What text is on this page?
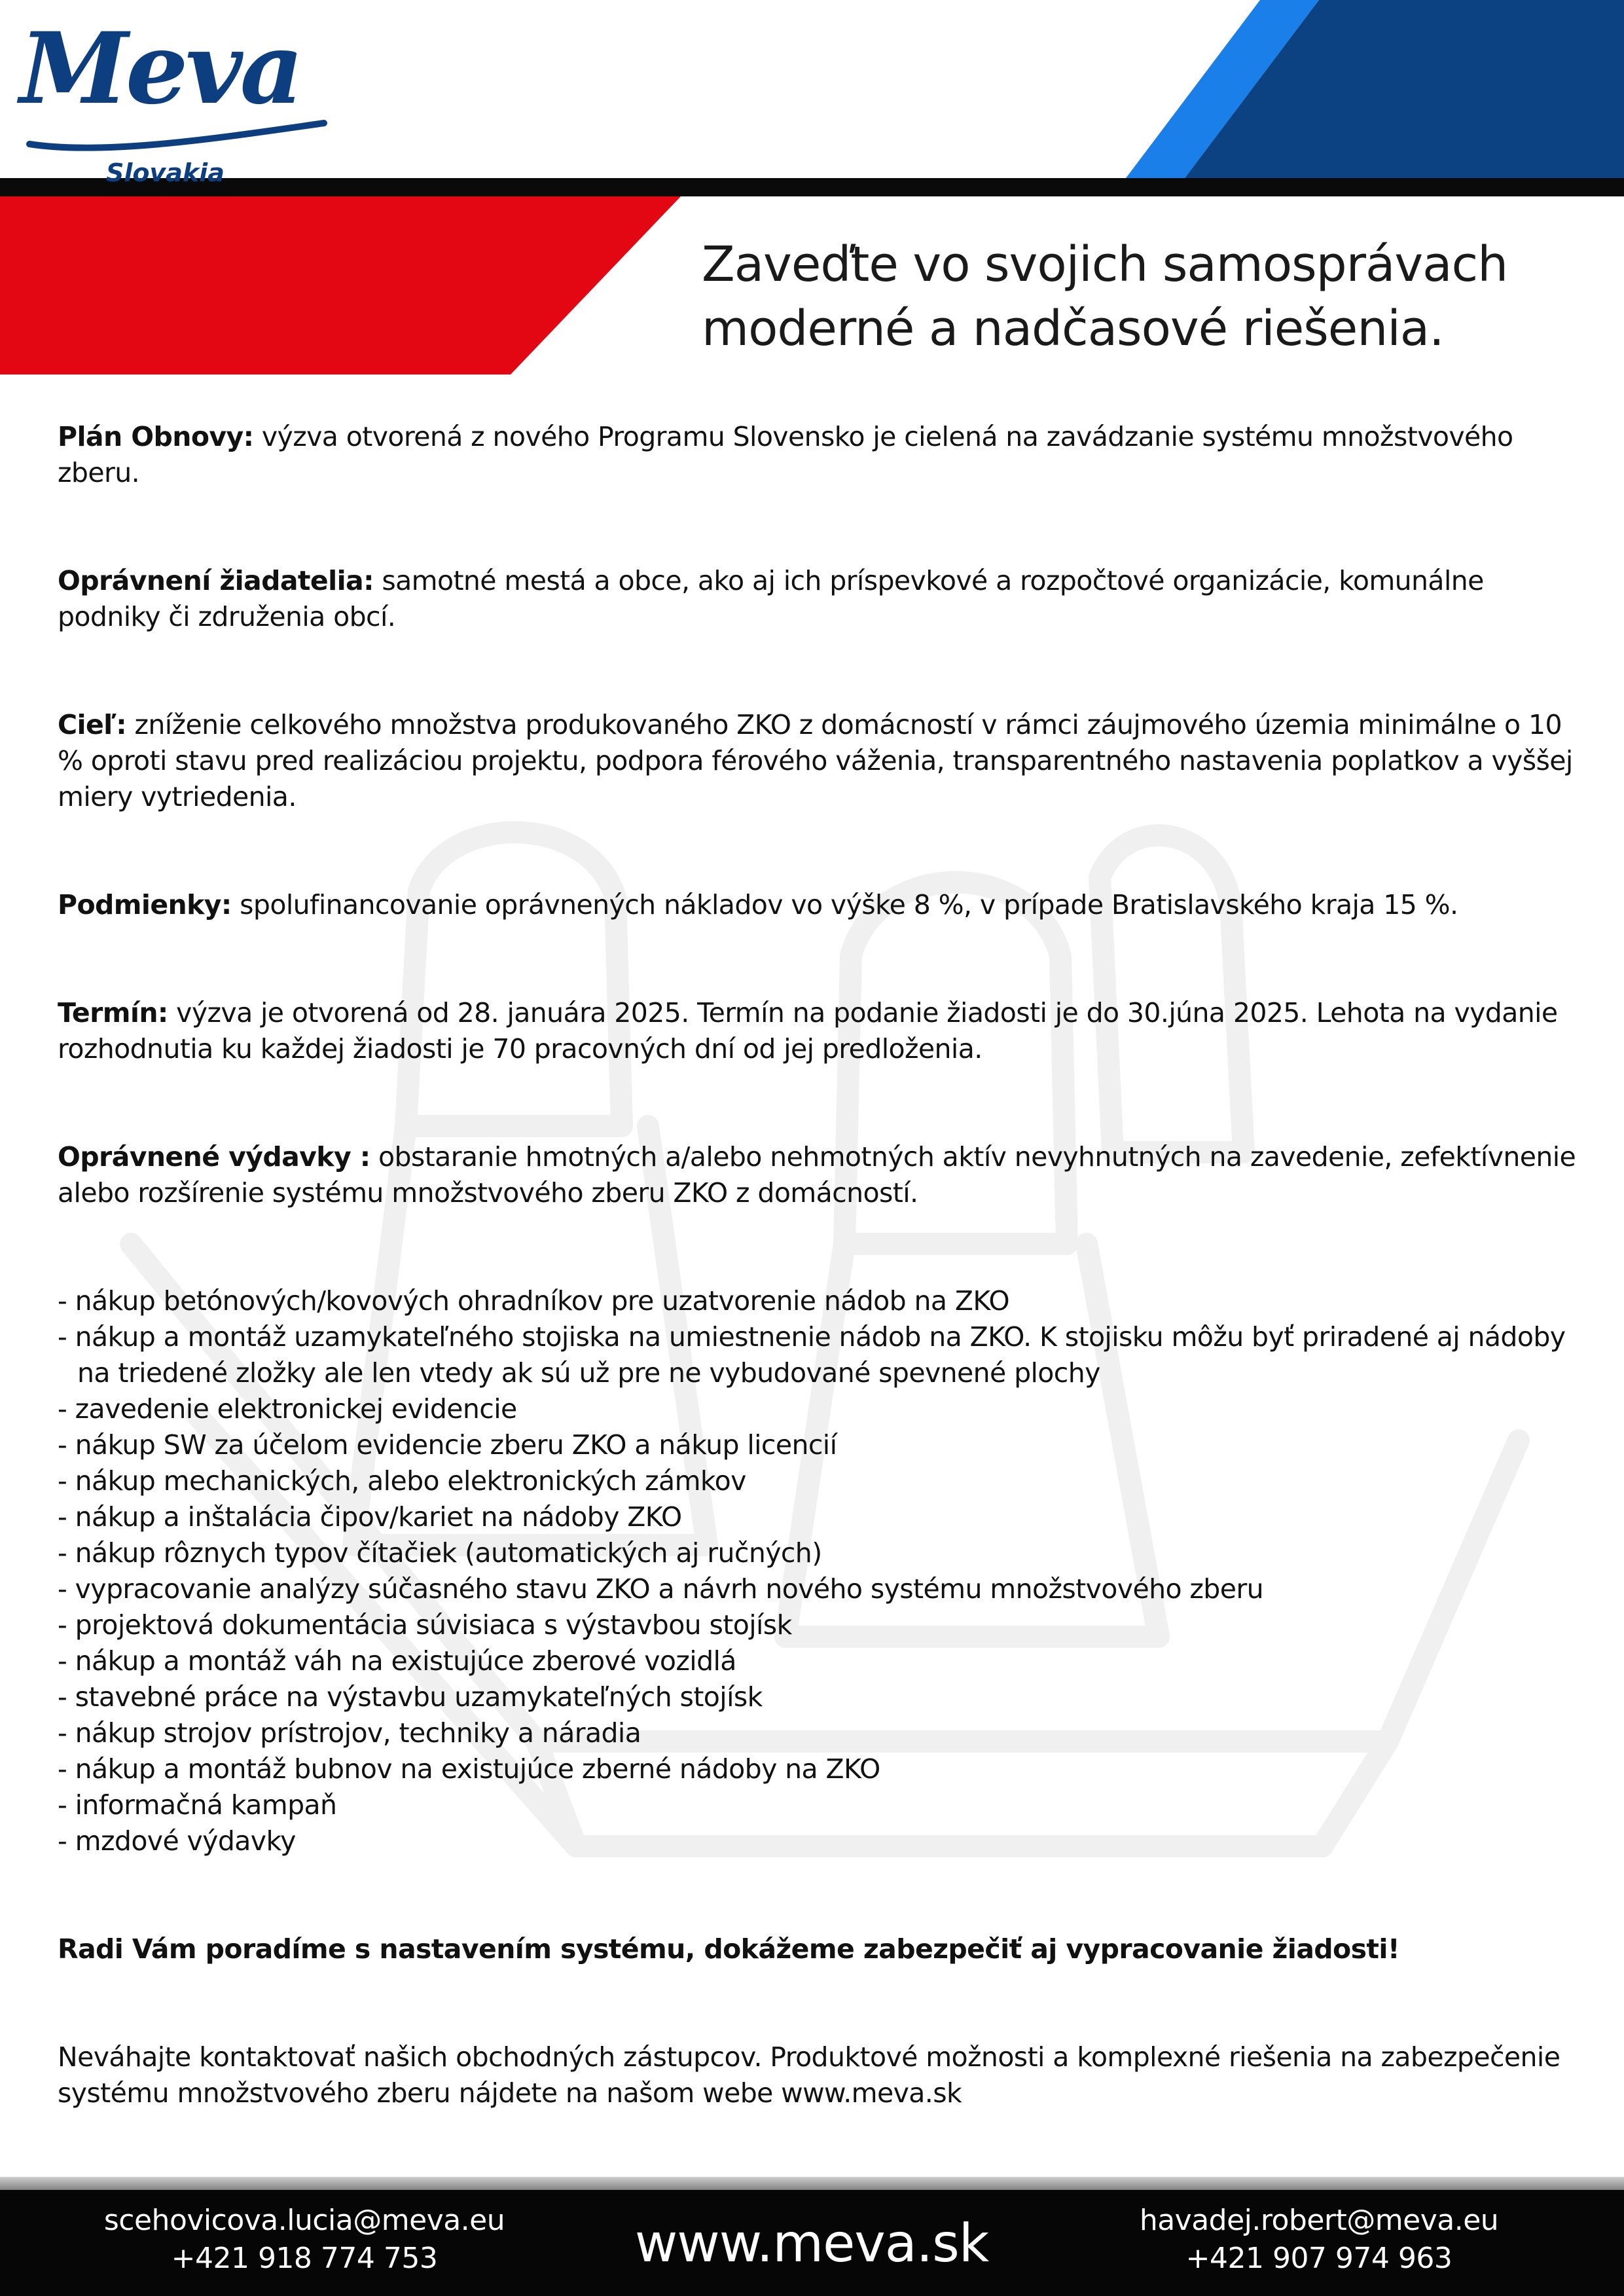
Meva
Slovakia
Zaveďte vo svojich samosprávach
moderné a nadčasové riešenia.

Plán Obnovy: výzva otvorená z nového Programu Slovensko je cielená na zavádzanie systému množstvového zberu.

Oprávnení žiadatelia: samotné mestá a obce, ako aj ich príspevkové a rozpočtové organizácie, komunálne podniky či združenia obcí.

Cieľ: zníženie celkového množstva produkovaného ZKO z domácností v rámci záujmového územia minimálne o 10 % oproti stavu pred realizáciou projektu, podpora férového váženia, transparentného nastavenia poplatkov a vyššej miery vytriedenia.

Podmienky: spolufinancovanie oprávnených nákladov vo výške 8 %, v prípade Bratislavského kraja 15 %.

Termín: výzva je otvorená od 28. januára 2025. Termín na podanie žiadosti je do 30.júna 2025. Lehota na vydanie rozhodnutia ku každej žiadosti je 70 pracovných dní od jej predloženia.

Oprávnené výdavky : obstaranie hmotných a/alebo nehmotných aktív nevyhnutných na zavedenie, zefektívnenie alebo rozšírenie systému množstvového zberu ZKO z domácností.

- nákup betónových/kovových ohradníkov pre uzatvorenie nádob na ZKO
- nákup a montáž uzamykateľného stojiska na umiestnenie nádob na ZKO. K stojisku môžu byť priradené aj nádoby na triedené zložky ale len vtedy ak sú už pre ne vybudované spevnené plochy
- zavedenie elektronickej evidencie
- nákup SW za účelom evidencie zberu ZKO a nákup licencií
- nákup mechanických, alebo elektronických zámkov
- nákup a inštalácia čipov/kariet na nádoby ZKO
- nákup rôznych typov čítačiek (automatických aj ručných)
- vypracovanie analýzy súčasného stavu ZKO a návrh nového systému množstvového zberu
- projektová dokumentácia súvisiaca s výstavbou stojísk
- nákup a montáž váh na existujúce zberové vozidlá
- stavebné práce na výstavbu uzamykateľných stojísk
- nákup strojov prístrojov, techniky a náradia
- nákup a montáž bubnov na existujúce zberné nádoby na ZKO
- informačná kampaň
- mzdové výdavky

Radi Vám poradíme s nastavením systému, dokážeme zabezpečiť aj vypracovanie žiadosti!

Neváhajte kontaktovať našich obchodných zástupcov. Produktové možnosti a komplexné riešenia na zabezpečenie systému množstvového zberu nájdete na našom webe www.meva.sk

scehovicova.lucia@meva.eu
+421 918 774 753	www.meva.sk	havadej.robert@meva.eu
+421 907 974 963
